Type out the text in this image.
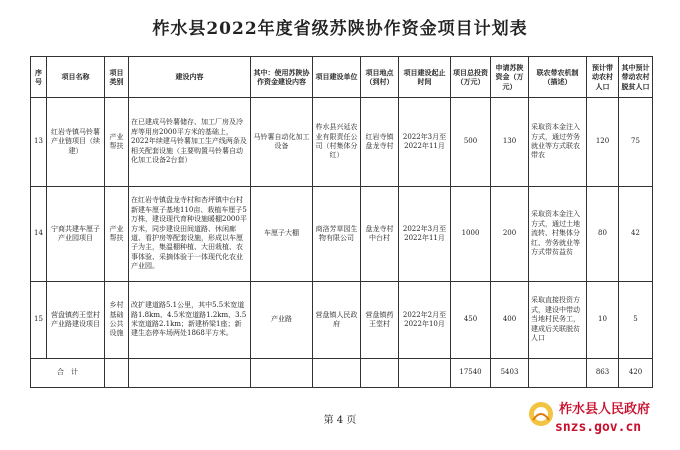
柞水县2022年度省级苏陕协作资金项目计划表
序号	项目名称	项目类别	建设内容	其中：使用苏陕协作资金建设内容	项目建设单位	项目地点（到村）	项目建设起止时间	项目总投资（万元）	申请苏陕资金（万元）	联农带农机制（描述）	预计带动农村人口	其中预计带动农村脱贫人口
13	红岩寺镇马铃薯产业链项目（续建）	产业帮扶	在已建成马铃薯储存、加工厂房及冷库等用房2000平方米的基础上，2022年续建马铃薯加工生产线两条及相关配套设施（主要购置马铃薯自动化加工设备2台套）	马铃薯自动化加工设备	柞水县兴延农业有限责任公司（村集体分红）	红岩寺镇盘龙寺村	2022年3月至2022年11月	500	130	采取资本金注入方式，通过劳务就业等方式联农带农	120	75
14	宁商共建车厘子产业园项目	产业帮扶	在红岩寺镇盘龙寺村和杏坪镇中台村新建车厘子基地110亩、栽植车厘子5万株，建设现代育种设施暖棚2000平方米，同步建设田间道路、休闲廊道、看护房等配套设施，形成以车厘子为主，集温棚种植、大田栽植、农事体验、采摘体验于一体现代化农业产业园。	车厘子大棚	商洛芳草园生物有限公司	盘龙寺村中台村	2022年3月至2022年11月	1000	200	采取资本金注入方式，通过土地流转、村集体分红、劳务就业等方式带贫益贫	80	42
15	营盘镇药王堂村产业路建设项目	乡村基础公共设施	改扩建道路5.1公里，其中5.5米宽道路1.8km、4.5米宽道路1.2km、3.5米宽道路2.1km；新建桥梁1座；新建生态停车场两处1868平方米。	产业路	营盘镇人民政府	营盘镇药王堂村	2022年2月至2022年10月	450	400	采取直接投资方式，建设中带动当地村民务工，建成后关联脱贫人口	10	5
合　计								17540	5403		863	420
第 4 页
柞水县人民政府
snzs.gov.cn
